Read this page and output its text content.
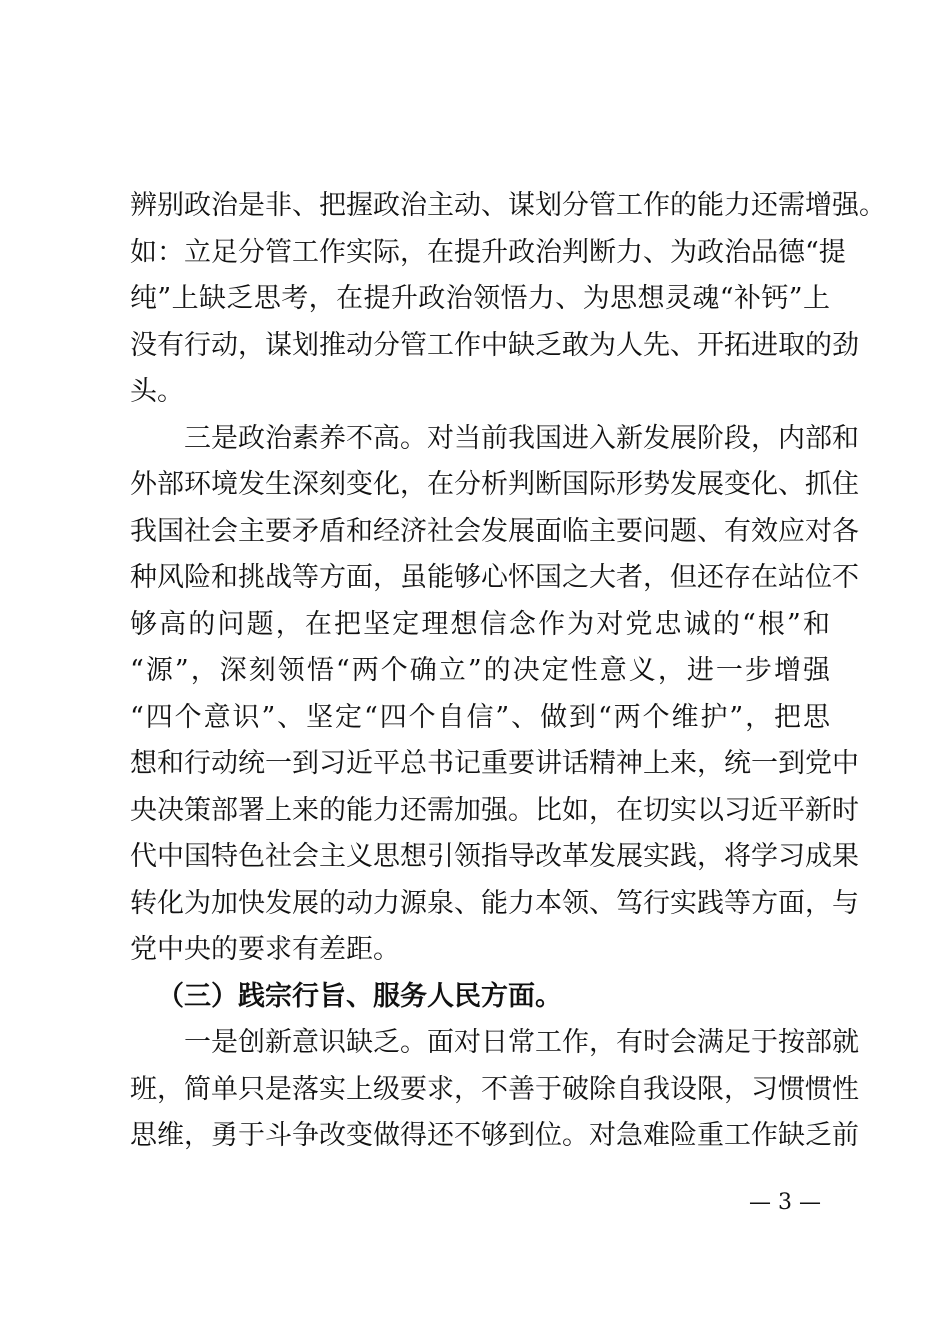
辨别政治是非、把握政治主动、谋划分管工作的能力还需增强。
如：立足分管工作实际，在提升政治判断力、为政治品德“提
纯”上缺乏思考，在提升政治领悟力、为思想灵魂“补钙”上
没有行动，谋划推动分管工作中缺乏敢为人先、开拓进取的劲
头。
三是政治素养不高。对当前我国进入新发展阶段，内部和
外部环境发生深刻变化，在分析判断国际形势发展变化、抓住
我国社会主要矛盾和经济社会发展面临主要问题、有效应对各
种风险和挑战等方面，虽能够心怀国之大者，但还存在站位不
够高的问题，在把坚定理想信念作为对党忠诚的“根”和
“源”，深刻领悟“两个确立”的决定性意义，进一步增强
“四个意识”、坚定“四个自信”、做到“两个维护”，把思
想和行动统一到习近平总书记重要讲话精神上来，统一到党中
央决策部署上来的能力还需加强。比如，在切实以习近平新时
代中国特色社会主义思想引领指导改革发展实践，将学习成果
转化为加快发展的动力源泉、能力本领、笃行实践等方面，与
党中央的要求有差距。
（三）践宗行旨、服务人民方面。
一是创新意识缺乏。面对日常工作，有时会满足于按部就
班，简单只是落实上级要求，不善于破除自我设限，习惯惯性
思维，勇于斗争改变做得还不够到位。对急难险重工作缺乏前
— 3 —
